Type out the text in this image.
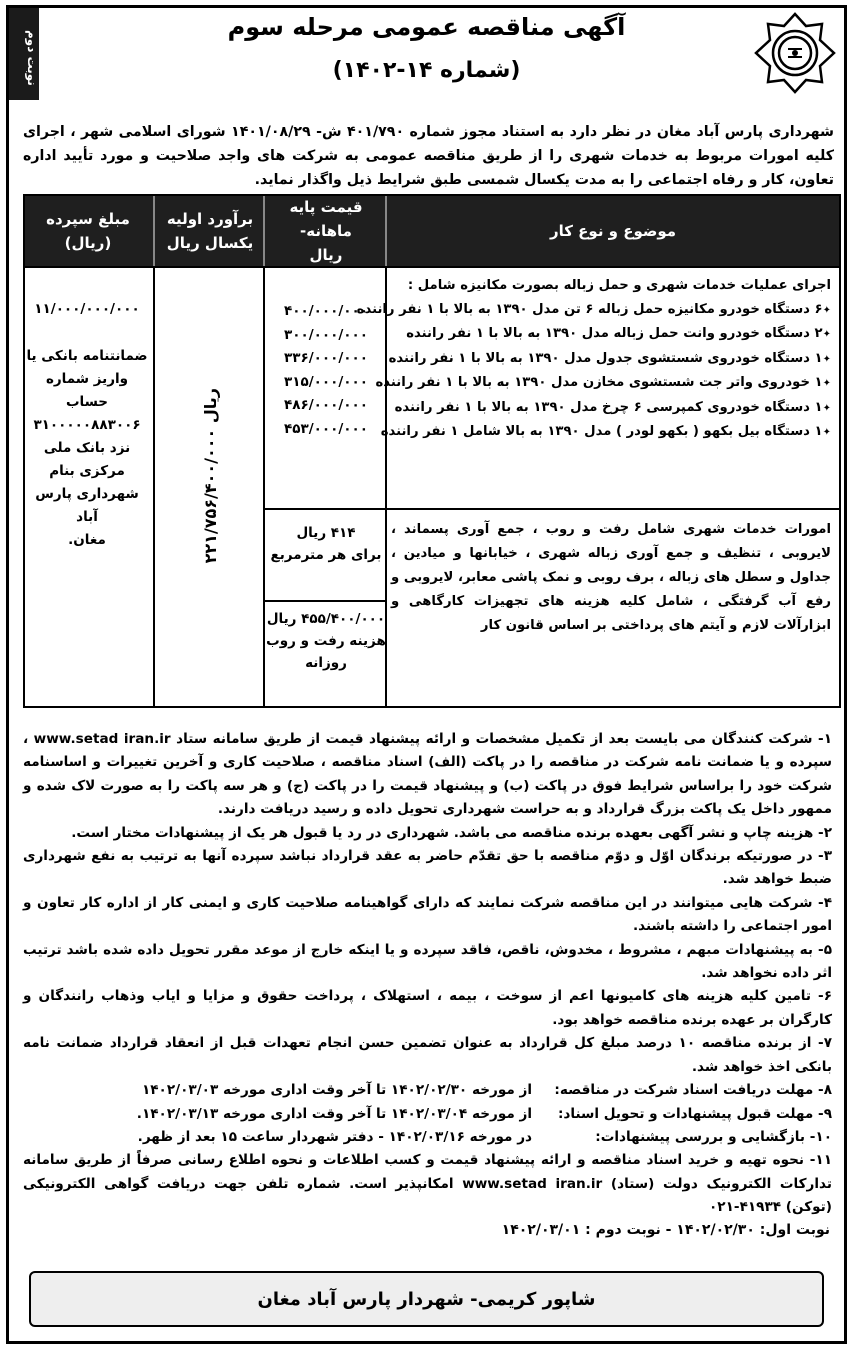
آگهی مناقصه عمومی مرحله سوم
(شماره ۱۴-۱۴۰۲)
نوبت دوم
شهرداری پارس آباد مغان در نظر دارد به استناد مجوز شماره ۴۰۱/۷۹۰ ش- ۱۴۰۱/۰۸/۲۹ شورای اسلامی شهر ، اجرای کلیه امورات مربوط به خدمات شهری را از طریق مناقصه عمومی به شرکت های واجد صلاحیت و مورد تأیید اداره تعاون، کار و رفاه اجتماعی را به مدت یکسال شمسی طبق شرایط ذیل واگذار نماید.
موضوع و نوع کار
قیمت پایه ماهانه- ریال
برآورد اولیه یکسال ریال
مبلغ سپرده (ریال)
اجرای عملیات خدمات شهری و حمل زباله بصورت مکانیزه شامل :
✦ ۶ دستگاه خودرو مکانیزه حمل زباله ۶ تن مدل ۱۳۹۰ به بالا با ۱ نفر راننده
✦ ۲ دستگاه خودرو وانت حمل زباله مدل ۱۳۹۰ به بالا با ۱ نفر راننده
✦ ۱ دستگاه خودروی شستشوی جدول مدل ۱۳۹۰ به بالا با ۱ نفر راننده
✦ ۱ خودروی واتر جت شستشوی مخازن مدل ۱۳۹۰ به بالا با ۱ نفر راننده
✦ ۱ دستگاه خودروی کمپرسی ۶ چرخ مدل ۱۳۹۰ به بالا با ۱ نفر راننده
✦ ۱ دستگاه بیل بکهو ( بکهو لودر ) مدل ۱۳۹۰ به بالا شامل ۱ نفر راننده
۴۰۰/۰۰۰/۰۰۰
۳۰۰/۰۰۰/۰۰۰
۳۳۶/۰۰۰/۰۰۰
۳۱۵/۰۰۰/۰۰۰
۴۸۶/۰۰۰/۰۰۰
۴۵۳/۰۰۰/۰۰۰
۲۲۱/۷۵۶/۴۰۰/۰۰۰ ریال
۱۱/۰۰۰/۰۰۰/۰۰۰
ضمانتنامه بانکی یا
واریز شماره حساب
۳۱۰۰۰۰۰۸۸۳۰۰۶
نزد بانک ملی
مرکزی بنام
شهرداری پارس آباد
مغان.
امورات خدمات شهری شامل رفت و روب ، جمع آوری پسماند ، لایروبی ، تنظیف و جمع آوری زباله شهری ، خیابانها و میادین ، جداول و سطل های زباله ، برف روبی و نمک پاشی معابر، لایروبی و رفع آب گرفتگی ، شامل کلیه هزینه های تجهیزات کارگاهی و ابزارآلات لازم و آیتم های پرداختی بر اساس قانون کار
۴۱۴ ریال
برای هر مترمربع
۴۵۵/۴۰۰/۰۰۰ ریال
هزینه رفت و روب
روزانه

۱- شرکت کنندگان می بایست بعد از تکمیل مشخصات و ارائه پیشنهاد قیمت از طریق سامانه ستاد www.setad iran.ir ، سپرده و یا ضمانت نامه شرکت در مناقصه را در پاکت (الف) اسناد مناقصه ، صلاحیت کاری و آخرین تغییرات و اساسنامه شرکت خود را براساس شرایط فوق در پاکت (ب) و پیشنهاد قیمت را در پاکت (ج) و هر سه پاکت را به صورت لاک شده و ممهور داخل یک پاکت بزرگ قرارداد و به حراست شهرداری تحویل داده و رسید دریافت دارند.

۲- هزینه چاپ و نشر آگهی بعهده برنده مناقصه می باشد. شهرداری در رد یا قبول هر یک از پیشنهادات مختار است.

۳- در صورتیکه برندگان اوّل و دوّم مناقصه با حق تقدّم حاضر به عقد قرارداد نباشد سپرده آنها به ترتیب به نفع شهرداری ضبط خواهد شد.

۴- شرکت هایی میتوانند در این مناقصه شرکت نمایند که دارای گواهینامه صلاحیت کاری و ایمنی کار از اداره کار تعاون و امور اجتماعی را داشته باشند.

۵- به پیشنهادات مبهم ، مشروط ، مخدوش، ناقص، فاقد سپرده و یا اینکه خارج از موعد مقرر تحویل داده شده باشد ترتیب اثر داده نخواهد شد.

۶- تامین کلیه هزینه های کامیونها اعم از سوخت ، بیمه ، استهلاک ، پرداخت حقوق و مزایا و ایاب وذهاب رانندگان و کارگران بر عهده برنده مناقصه خواهد بود.

۷- از برنده مناقصه ۱۰ درصد مبلغ کل قرارداد به عنوان تضمین حسن انجام تعهدات قبل از انعقاد قرارداد ضمانت نامه بانکی اخذ خواهد شد.

۸- مهلت دریافت اسناد شرکت در مناقصه:
از مورخه ۱۴۰۲/۰۲/۳۰ تا آخر وقت اداری مورخه ۱۴۰۲/۰۳/۰۳
۹- مهلت قبول پیشنهادات و تحویل اسناد:
از مورخه ۱۴۰۲/۰۳/۰۴ تا آخر وقت اداری مورخه ۱۴۰۲/۰۳/۱۳.
۱۰- بازگشایی و بررسی پیشنهادات:
در مورخه ۱۴۰۲/۰۳/۱۶ - دفتر شهردار ساعت ۱۵ بعد از ظهر.

۱۱- نحوه تهیه و خرید اسناد مناقصه و ارائه پیشنهاد قیمت و کسب اطلاعات و نحوه اطلاع رسانی صرفاً از طریق سامانه تدارکات الکترونیک دولت (ستاد) www.setad iran.ir امکانپذیر است. شماره تلفن جهت دریافت گواهی الکترونیکی (توکن) ۴۱۹۳۴-۰۲۱

نوبت اول: ۱۴۰۲/۰۲/۳۰ - نوبت دوم : ۱۴۰۲/۰۳/۰۱
شاپور کریمی- شهردار پارس آباد مغان
